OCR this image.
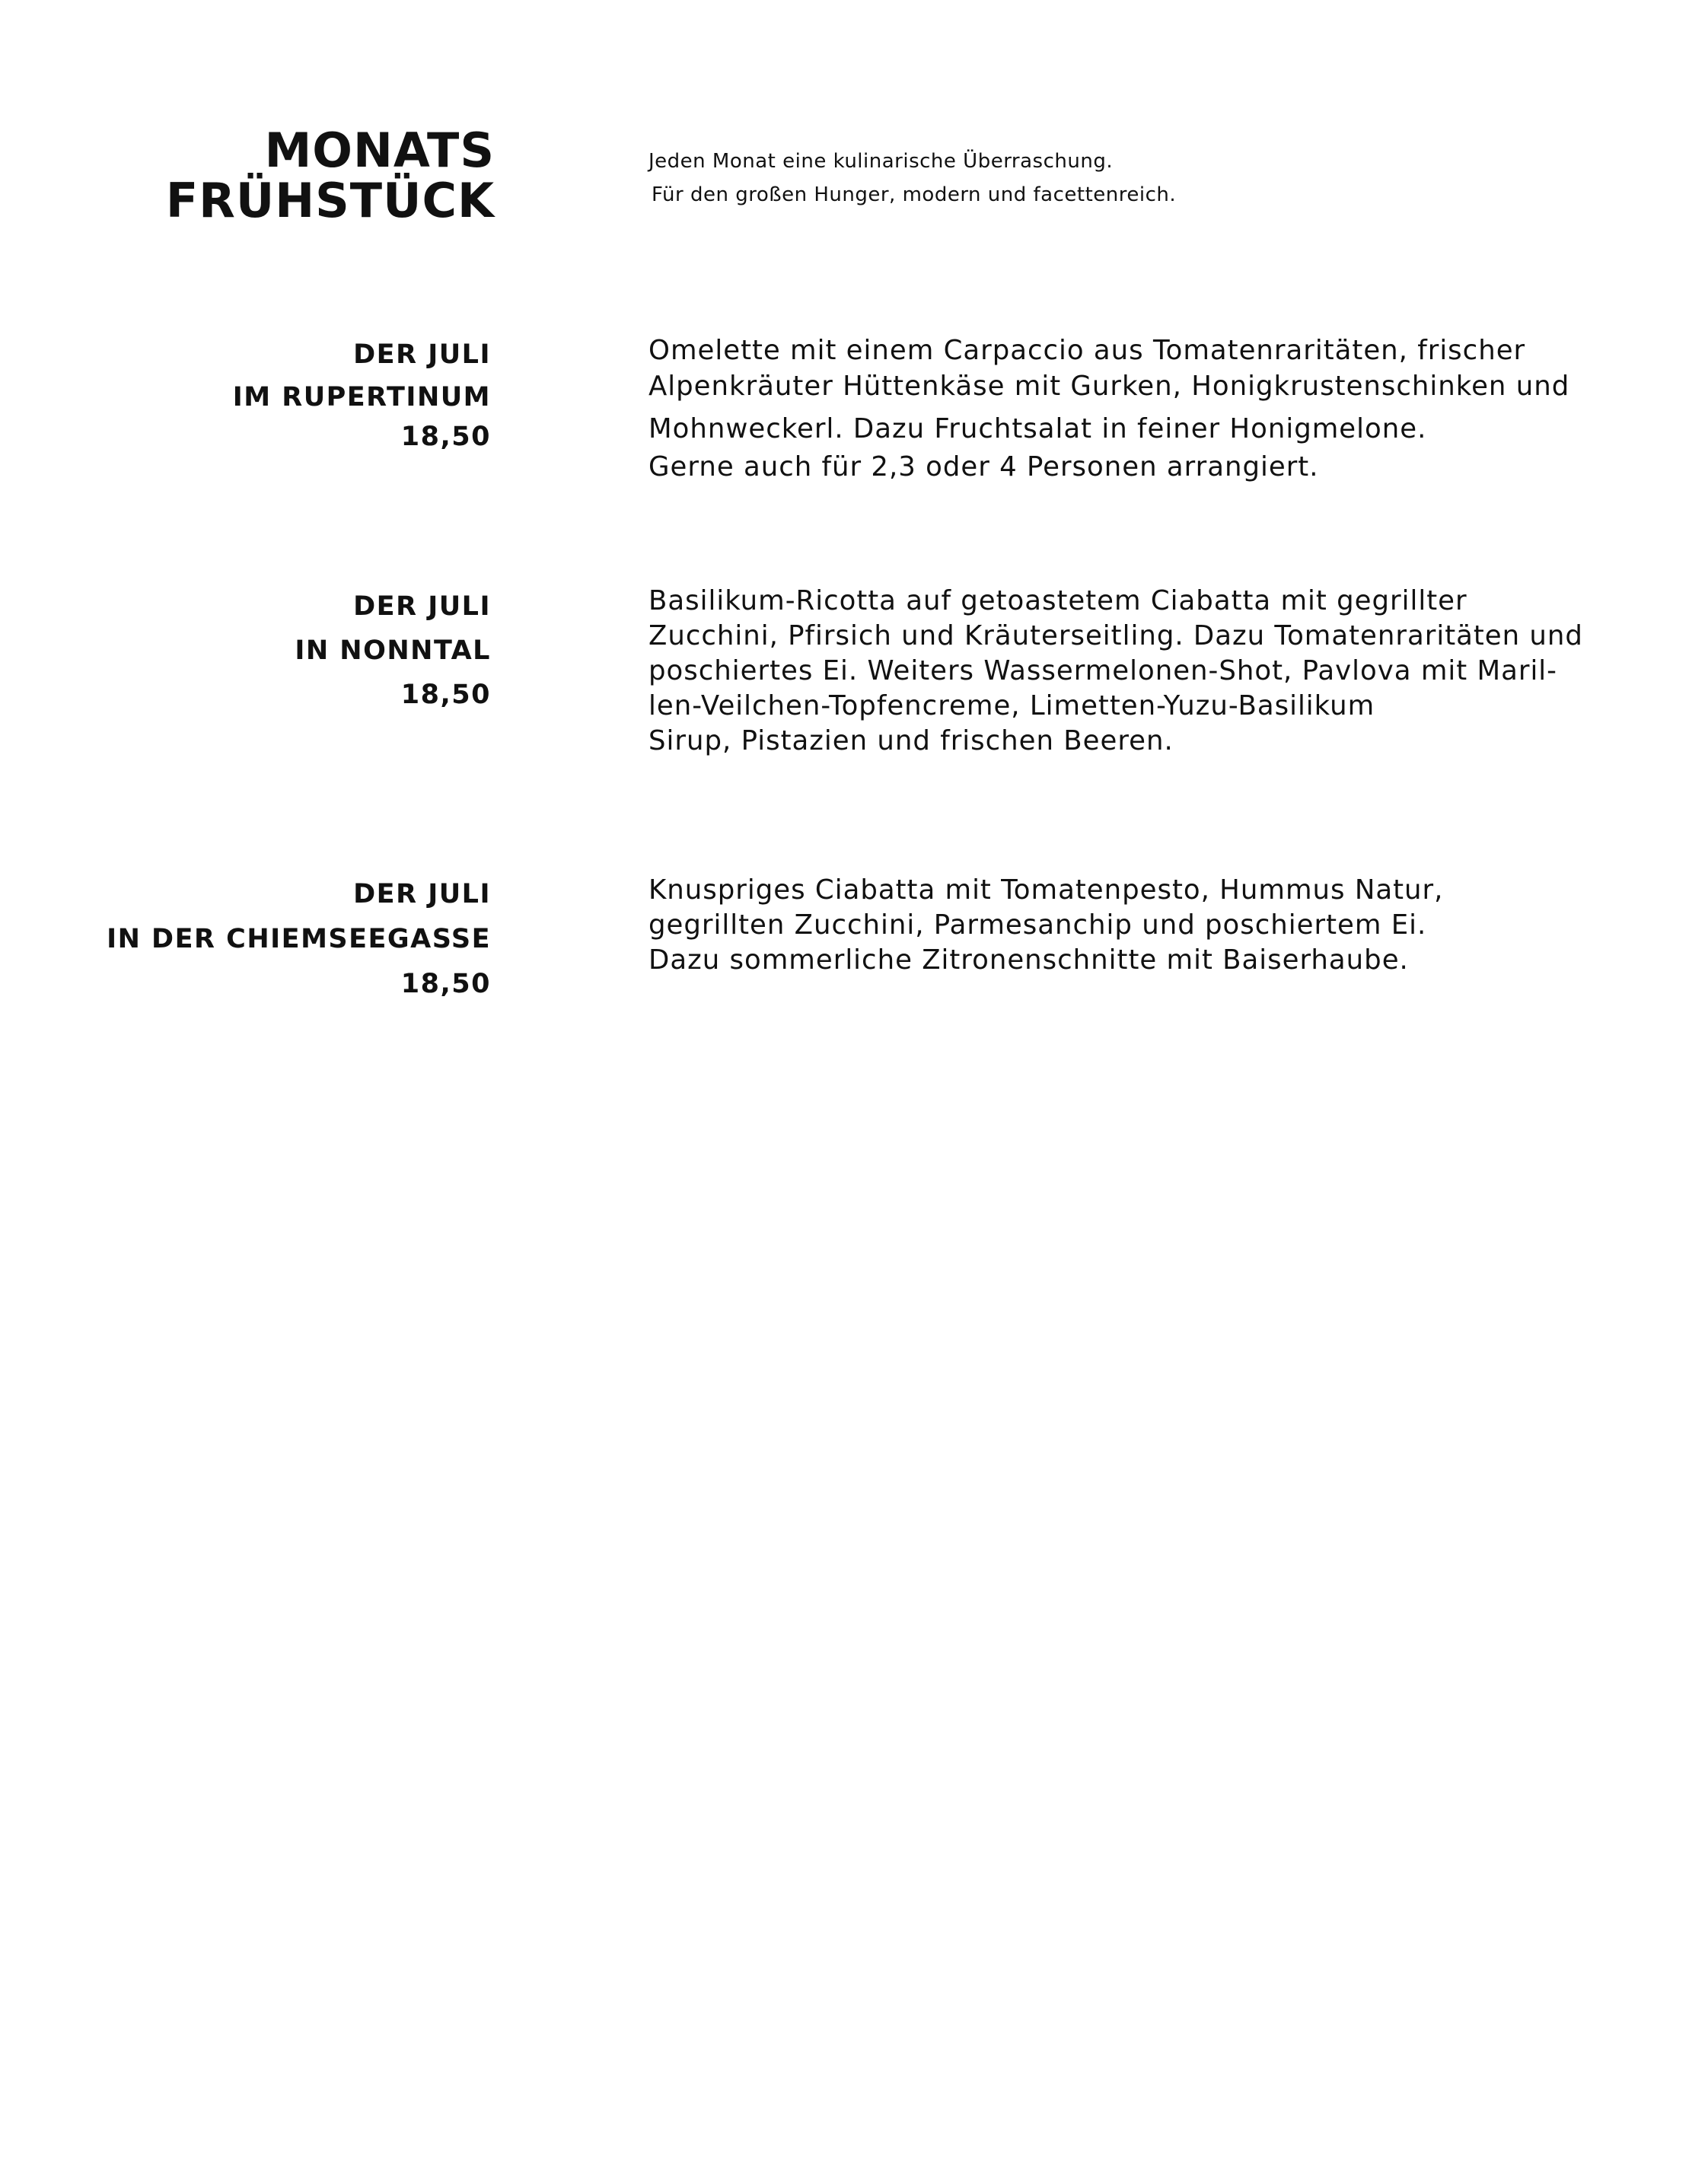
MONATS
FRÜHSTÜCK
Jeden Monat eine kulinarische Überraschung.
Für den großen Hunger, modern und facettenreich.
DER JULI
IM RUPERTINUM
18,50
Omelette mit einem Carpaccio aus Tomatenraritäten, frischer
Alpenkräuter Hüttenkäse mit Gurken, Honigkrustenschinken und
Mohnweckerl. Dazu Fruchtsalat in feiner Honigmelone.
Gerne auch für 2,3 oder 4 Personen arrangiert.
DER JULI
IN NONNTAL
18,50
Basilikum-Ricotta auf getoastetem Ciabatta mit gegrillter
Zucchini, Pfirsich und Kräuterseitling. Dazu Tomatenraritäten und
poschiertes Ei. Weiters Wassermelonen-Shot, Pavlova mit Maril-
len-Veilchen-Topfencreme, Limetten-Yuzu-Basilikum
Sirup, Pistazien und frischen Beeren.
DER JULI
IN DER CHIEMSEEGASSE
18,50
Knuspriges Ciabatta mit Tomatenpesto, Hummus Natur,
gegrillten Zucchini, Parmesanchip und poschiertem Ei.
Dazu sommerliche Zitronenschnitte mit Baiserhaube.
